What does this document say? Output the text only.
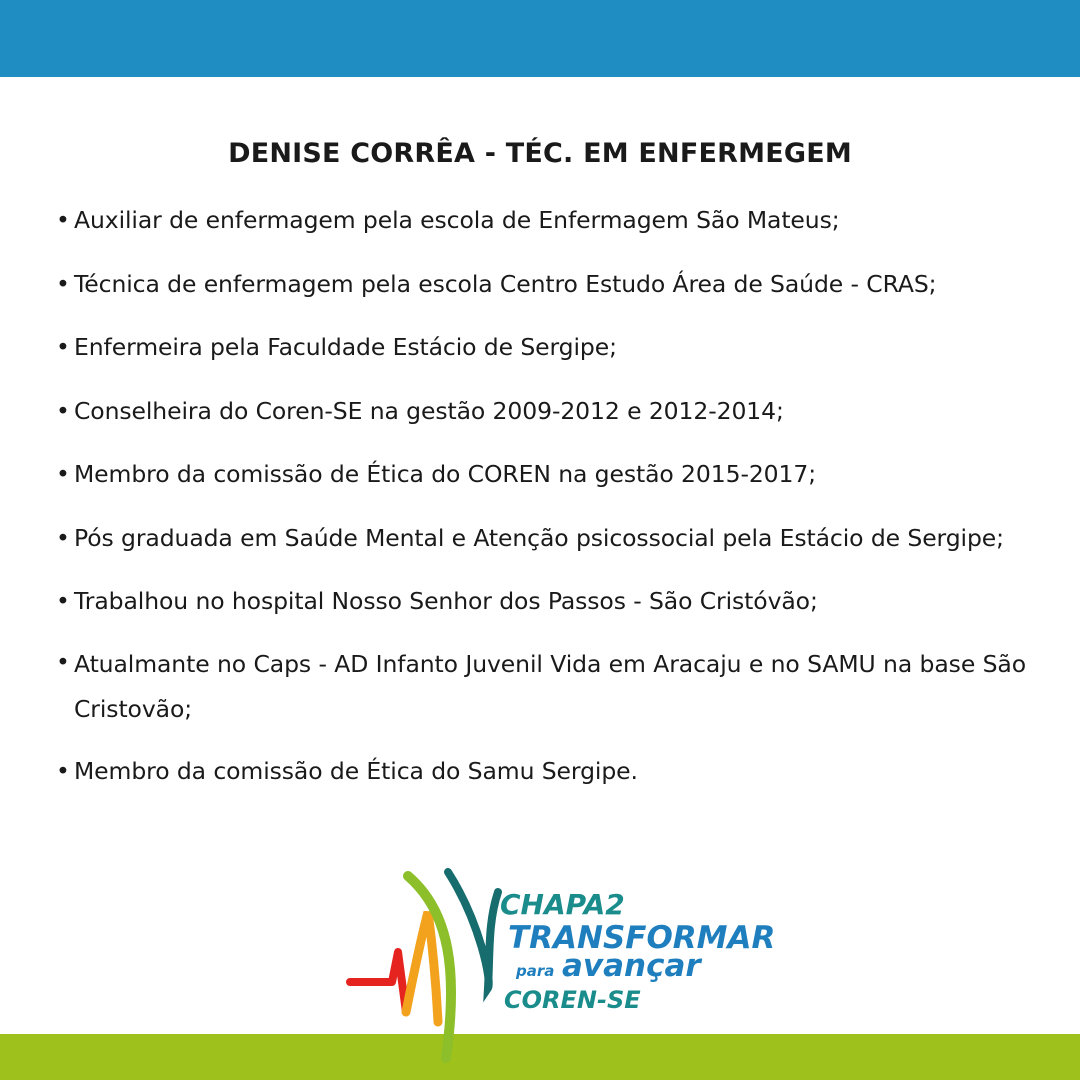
DENISE CORRÊA - TÉC. EM ENFERMEGEM
• Auxiliar de enfermagem pela escola de Enfermagem São Mateus;
• Técnica de enfermagem pela escola Centro Estudo Área de Saúde - CRAS;
• Enfermeira pela Faculdade Estácio de Sergipe;
• Conselheira do Coren-SE na gestão 2009-2012 e 2012-2014;
• Membro da comissão de Ética do COREN na gestão 2015-2017;
• Pós graduada em Saúde Mental e Atenção psicossocial pela Estácio de Sergipe;
• Trabalhou no hospital Nosso Senhor dos Passos - São Cristóvão;
• Atualmante no Caps - AD Infanto Juvenil Vida em Aracaju e no SAMU na base São Cristovão;
• Membro da comissão de Ética do Samu Sergipe.
CHAPA2
TRANSFORMAR
para avançar
COREN-SE
